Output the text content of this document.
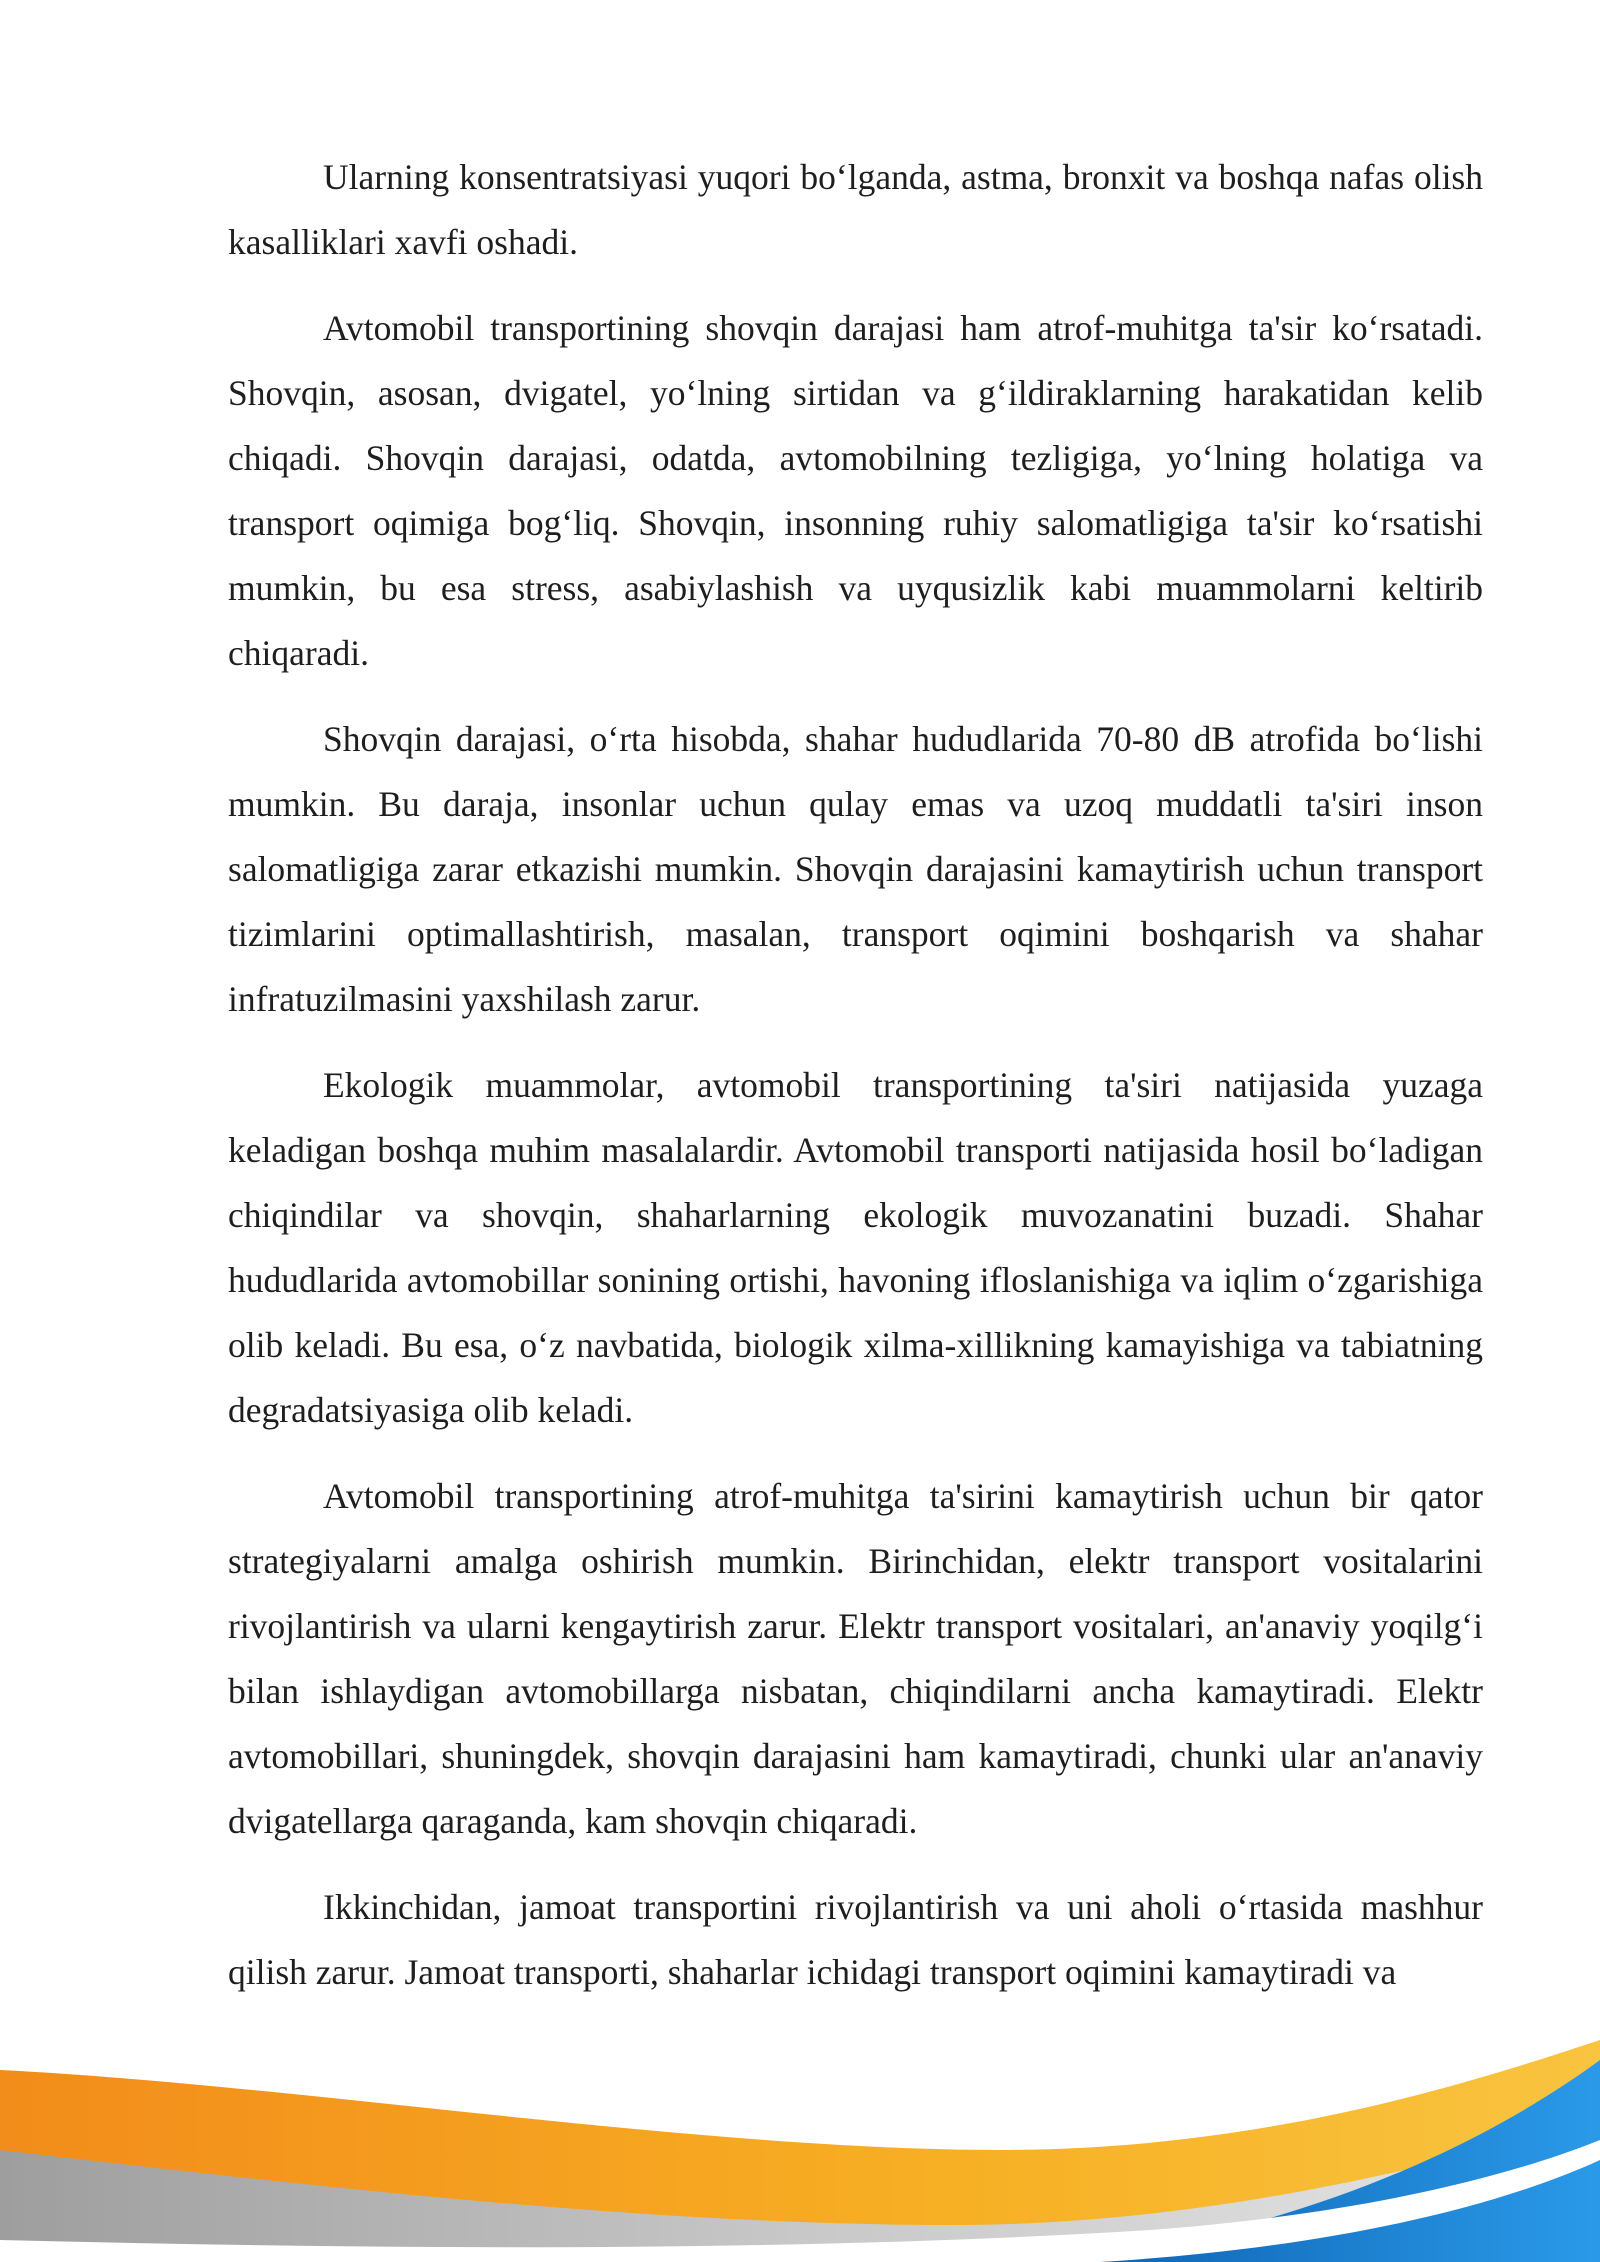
Ularning konsentratsiyasi yuqori bo‘lganda, astma, bronxit va boshqa nafas olish kasalliklari xavfi oshadi.

Avtomobil transportining shovqin darajasi ham atrof-muhitga ta'sir ko‘rsatadi. Shovqin, asosan, dvigatel, yo‘lning sirtidan va g‘ildiraklarning harakatidan kelib chiqadi. Shovqin darajasi, odatda, avtomobilning tezligiga, yo‘lning holatiga va transport oqimiga bog‘liq. Shovqin, insonning ruhiy salomatligiga ta'sir ko‘rsatishi mumkin, bu esa stress, asabiylashish va uyqusizlik kabi muammolarni keltirib chiqaradi.

Shovqin darajasi, o‘rta hisobda, shahar hududlarida 70-80 dB atrofida bo‘lishi mumkin. Bu daraja, insonlar uchun qulay emas va uzoq muddatli ta'siri inson salomatligiga zarar etkazishi mumkin. Shovqin darajasini kamaytirish uchun transport tizimlarini optimallashtirish, masalan, transport oqimini boshqarish va shahar infratuzilmasini yaxshilash zarur.

Ekologik muammolar, avtomobil transportining ta'siri natijasida yuzaga keladigan boshqa muhim masalalardir. Avtomobil transporti natijasida hosil bo‘ladigan chiqindilar va shovqin, shaharlarning ekologik muvozanatini buzadi. Shahar hududlarida avtomobillar sonining ortishi, havoning ifloslanishiga va iqlim o‘zgarishiga olib keladi. Bu esa, o‘z navbatida, biologik xilma-xillikning kamayishiga va tabiatning degradatsiyasiga olib keladi.

Avtomobil transportining atrof-muhitga ta'sirini kamaytirish uchun bir qator strategiyalarni amalga oshirish mumkin. Birinchidan, elektr transport vositalarini rivojlantirish va ularni kengaytirish zarur. Elektr transport vositalari, an'anaviy yoqilg‘i bilan ishlaydigan avtomobillarga nisbatan, chiqindilarni ancha kamaytiradi. Elektr avtomobillari, shuningdek, shovqin darajasini ham kamaytiradi, chunki ular an'anaviy dvigatellarga qaraganda, kam shovqin chiqaradi.

Ikkinchidan, jamoat transportini rivojlantirish va uni aholi o‘rtasida mashhur qilish zarur. Jamoat transporti, shaharlar ichidagi transport oqimini kamaytiradi va
